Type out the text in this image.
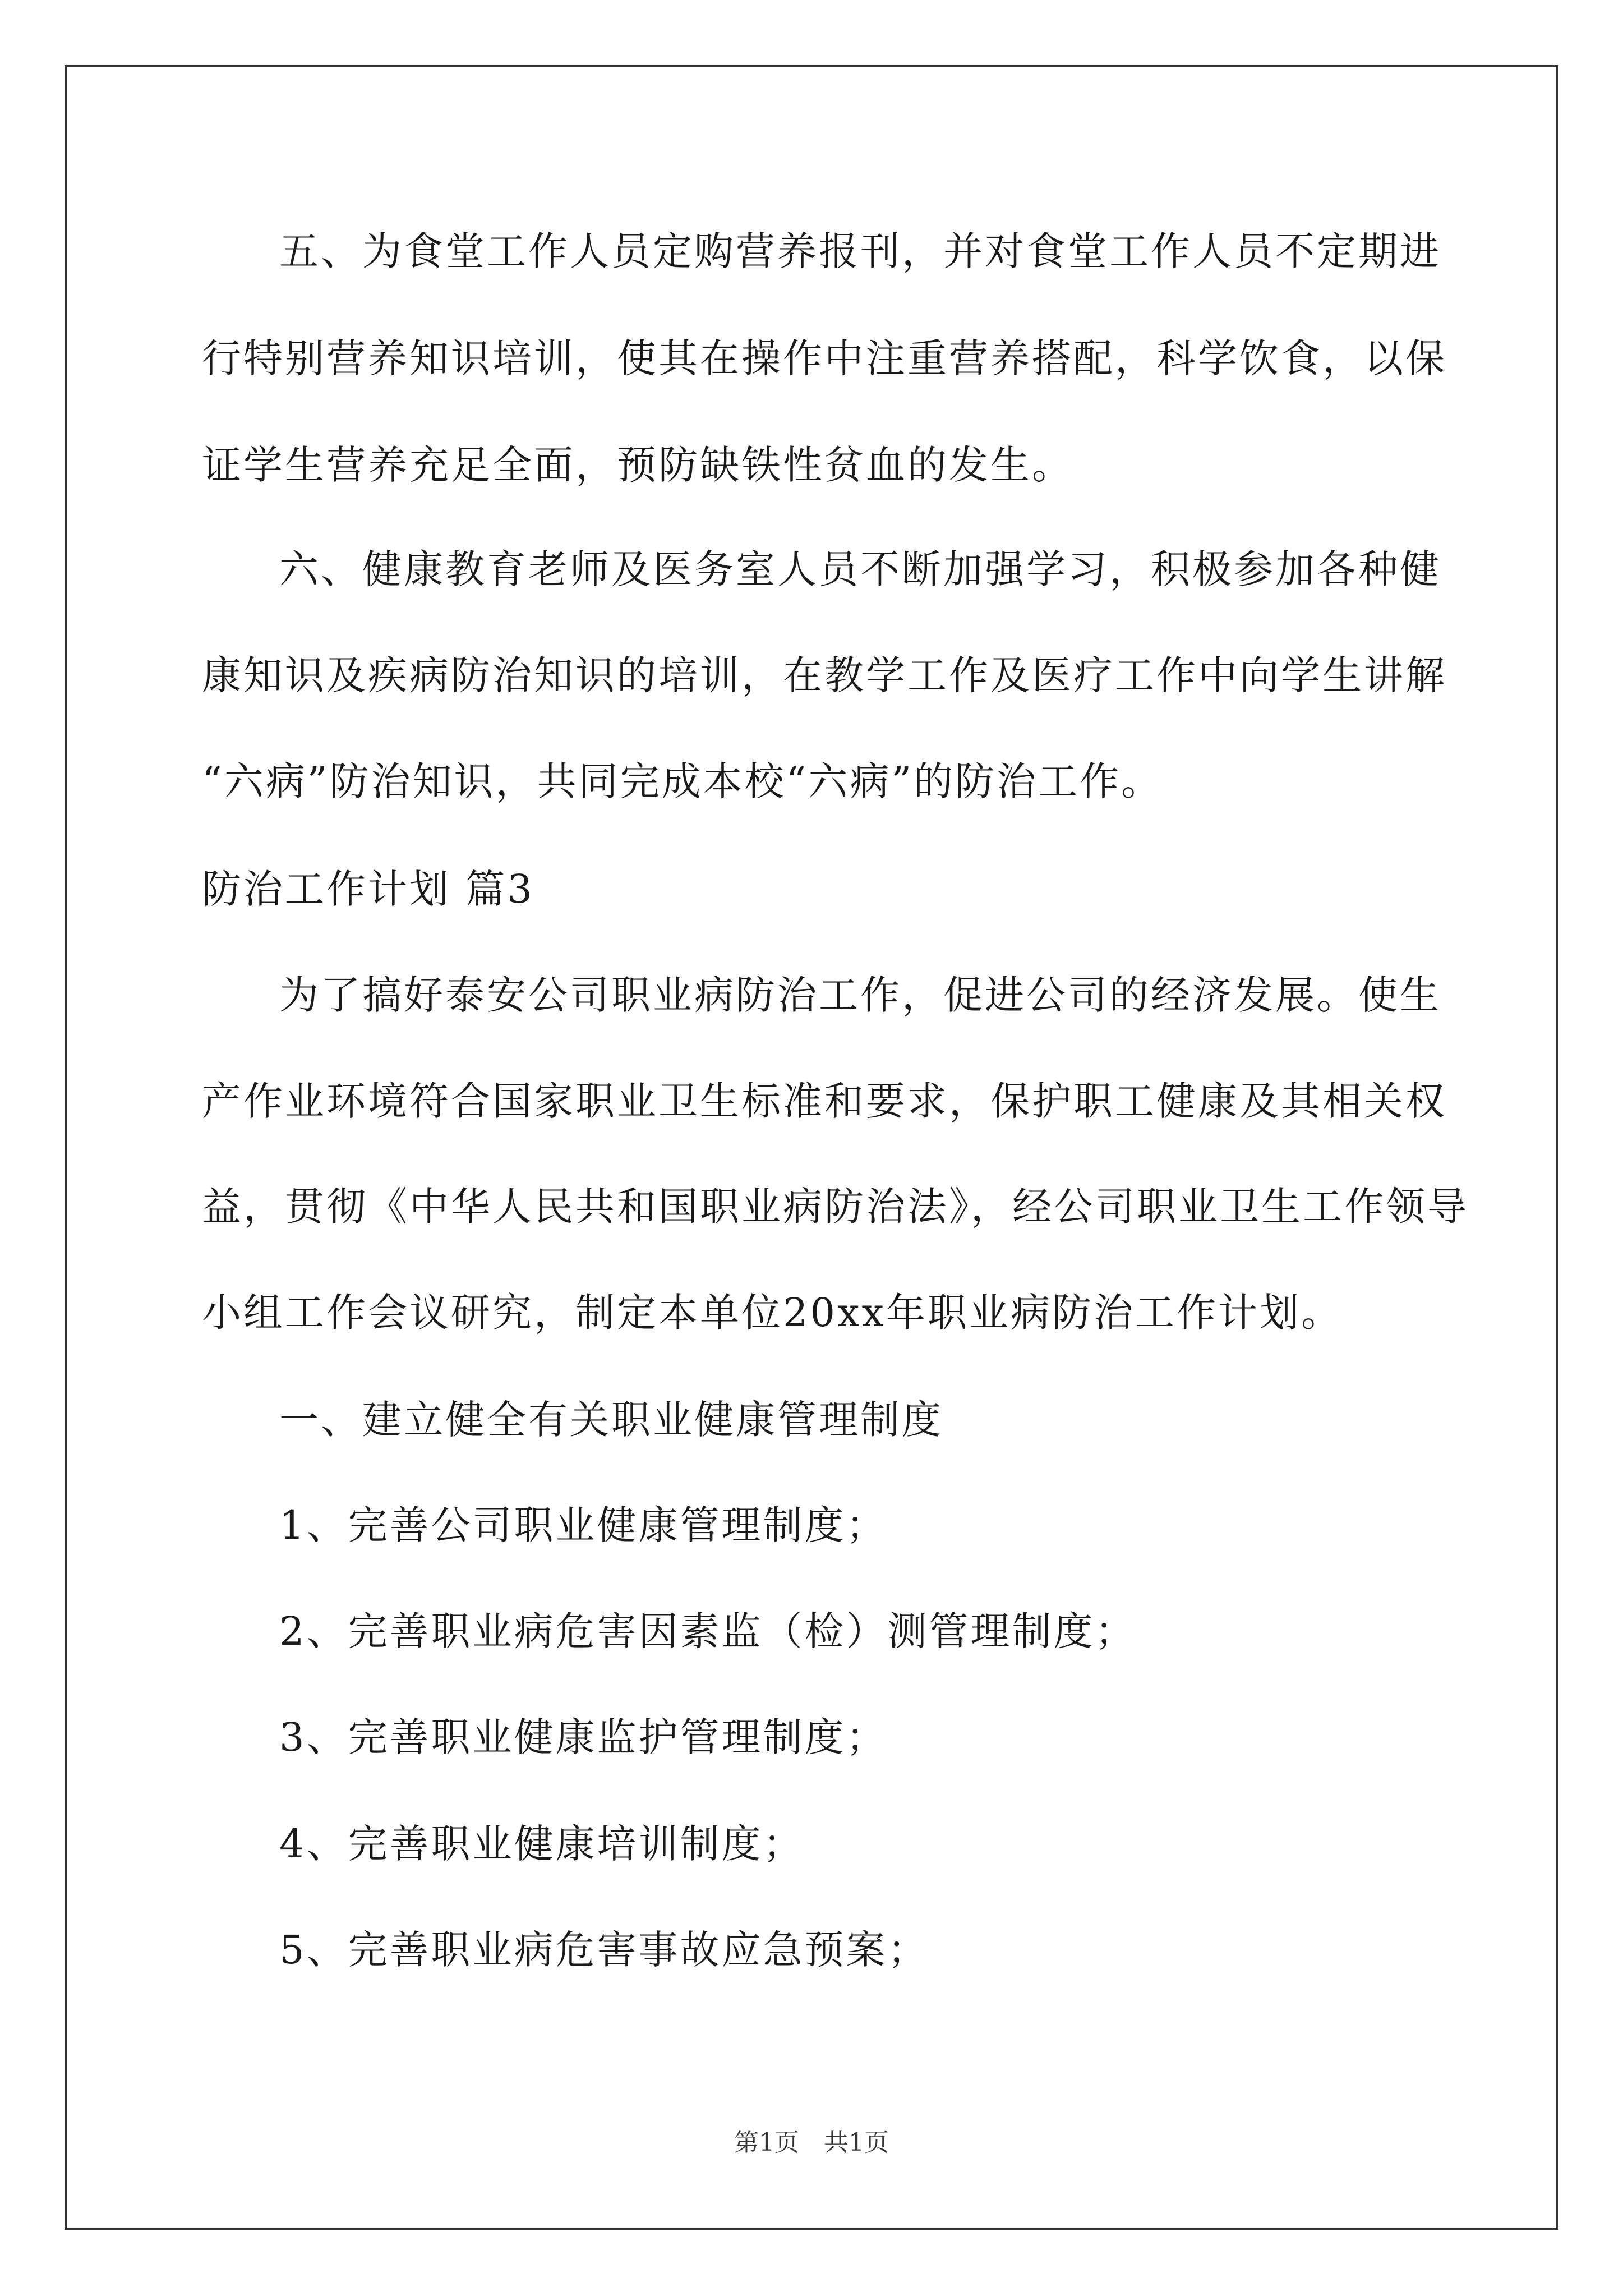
五、为食堂工作人员定购营养报刊，并对食堂工作人员不定期进
行特别营养知识培训，使其在操作中注重营养搭配，科学饮食，以保
证学生营养充足全面，预防缺铁性贫血的发生。
六、健康教育老师及医务室人员不断加强学习，积极参加各种健
康知识及疾病防治知识的培训，在教学工作及医疗工作中向学生讲解
“六病”防治知识，共同完成本校“六病”的防治工作。
防治工作计划 篇3
为了搞好泰安公司职业病防治工作，促进公司的经济发展。使生
产作业环境符合国家职业卫生标准和要求，保护职工健康及其相关权
益，贯彻《中华人民共和国职业病防治法》，经公司职业卫生工作领导
小组工作会议研究，制定本单位20xx年职业病防治工作计划。
一、建立健全有关职业健康管理制度
1、完善公司职业健康管理制度；
2、完善职业病危害因素监（检）测管理制度；
3、完善职业健康监护管理制度；
4、完善职业健康培训制度；
5、完善职业病危害事故应急预案；
第1页　共1页
